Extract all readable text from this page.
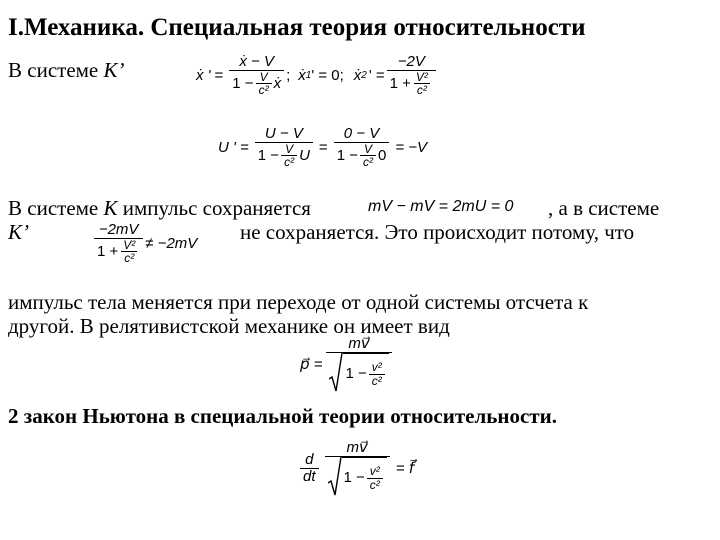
I.Механика. Специальная теория относительности
В системе К’	ẋ ' = $\frac{\text{ẋ − V}}{1 - \frac{V}{\text{c²}} ẋ}$ ; ẋ 1 ' = 0; ẋ 2 ' = $\frac{-2V}{1 + \frac{\text{V²}}{\text{c²}}}$
U ' = $\frac{U - V}{1 - \frac{V}{\text{c²}} U} = \frac{0 - V}{1 - \frac{V}{\text{c²}} 0} = -V$
В системе К импульс сохраняется	mV − mV = 2mU = 0 , а в системе
К’	$\frac{-2mV}{1 + \frac{\text{V²}}{\text{c²}}} \ne -2mV$ не сохраняется. Это происходит потому, что
импульс тела меняется при переходе от одной системы отсчета к
другой. В релятивистской механике он имеет вид
p⃗ = $\frac{mv⃗}{1 - \frac{\text{v²}}{\text{c²}}}$
2 закон Ньютона в специальной теории относительности.
$\frac{d}{dt} \frac{mv⃗}{1 - \frac{\text{v²}}{\text{c²}}}$ = f⃗
